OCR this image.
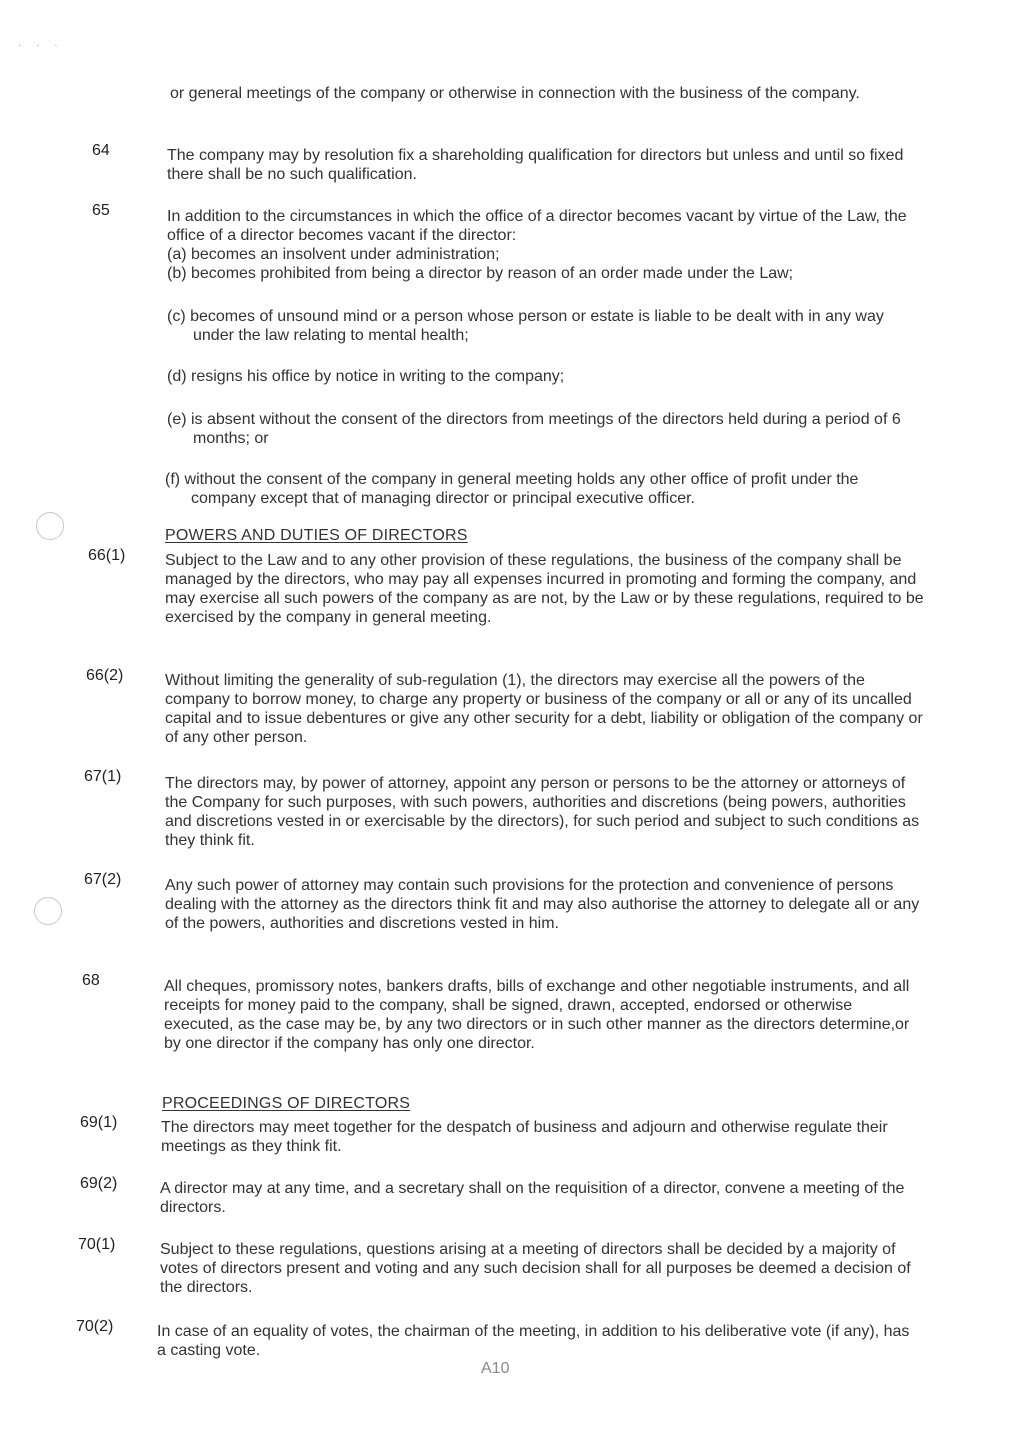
· · ·
or general meetings of the company or otherwise in connection with the business of the company.
64	The company may by resolution fix a shareholding qualification for directors but unless and until so fixed there shall be no such qualification.
65	In addition to the circumstances in which the office of a director becomes vacant by virtue of the Law, the office of a director becomes vacant if the director:
(a) becomes an insolvent under administration;
(b) becomes prohibited from being a director by reason of an order made under the Law;
(c) becomes of unsound mind or a person whose person or estate is liable to be dealt with in any way under the law relating to mental health;
(d) resigns his office by notice in writing to the company;
(e) is absent without the consent of the directors from meetings of the directors held during a period of 6 months; or
(f) without the consent of the company in general meeting holds any other office of profit under the company except that of managing director or principal executive officer.
POWERS AND DUTIES OF DIRECTORS
66(1) Subject to the Law and to any other provision of these regulations, the business of the company shall be managed by the directors, who may pay all expenses incurred in promoting and forming the company, and may exercise all such powers of the company as are not, by the Law or by these regulations, required to be exercised by the company in general meeting.
66(2)	Without limiting the generality of sub-regulation (1), the directors may exercise all the powers of the company to borrow money, to charge any property or business of the company or all or any of its uncalled capital and to issue debentures or give any other security for a debt, liability or obligation of the company or of any other person.
67(1)	The directors may, by power of attorney, appoint any person or persons to be the attorney or attorneys of the Company for such purposes, with such powers, authorities and discretions (being powers, authorities and discretions vested in or exercisable by the directors), for such period and subject to such conditions as they think fit.
67(2)	Any such power of attorney may contain such provisions for the protection and convenience of persons dealing with the attorney as the directors think fit and may also authorise the attorney to delegate all or any of the powers, authorities and discretions vested in him.
68	All cheques, promissory notes, bankers drafts, bills of exchange and other negotiable instruments, and all receipts for money paid to the company, shall be signed, drawn, accepted, endorsed or otherwise executed, as the case may be, by any two directors or in such other manner as the directors determine,or by one director if the company has only one director.
PROCEEDINGS OF DIRECTORS
69(1)	The directors may meet together for the despatch of business and adjourn and otherwise regulate their meetings as they think fit.
69(2)	A director may at any time, and a secretary shall on the requisition of a director, convene a meeting of the directors.
70(1)	Subject to these regulations, questions arising at a meeting of directors shall be decided by a majority of votes of directors present and voting and any such decision shall for all purposes be deemed a decision of the directors.
70(2)	In case of an equality of votes, the chairman of the meeting, in addition to his deliberative vote (if any), has a casting vote.
A10
